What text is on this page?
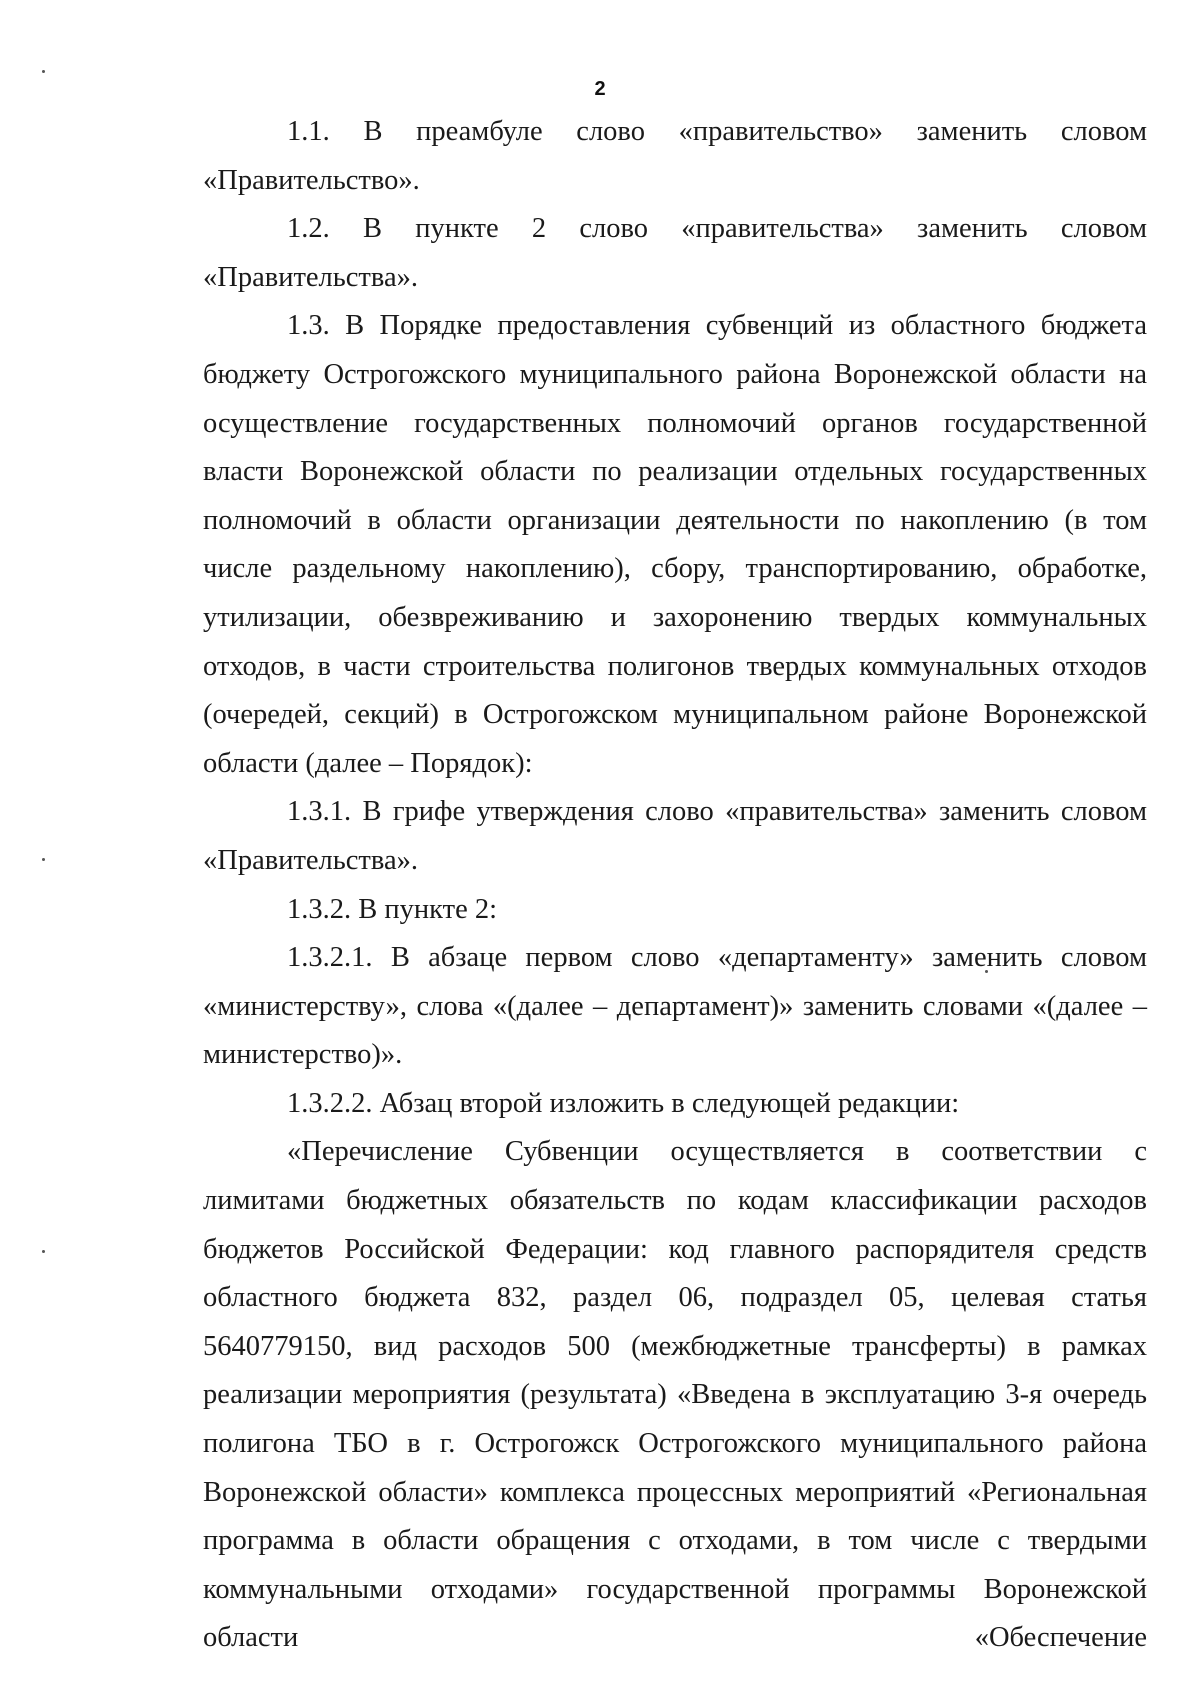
2

1.1. В преамбуле слово «правительство» заменить словом «Правительство».

1.2. В пункте 2 слово «правительства» заменить словом «Правительства».

1.3. В Порядке предоставления субвенций из областного бюджета бюджету Острогожского муниципального района Воронежской области на осуществление государственных полномочий органов государственной власти Воронежской области по реализации отдельных государственных полномочий в области организации деятельности по накоплению (в том числе раздельному накоплению), сбору, транспортированию, обработке, утилизации, обезвреживанию и захоронению твердых коммунальных отходов, в части строительства полигонов твердых коммунальных отходов (очередей, секций) в Острогожском муниципальном районе Воронежской области (далее – Порядок):

1.3.1. В грифе утверждения слово «правительства» заменить словом «Правительства».

1.3.2. В пункте 2:

1.3.2.1. В абзаце первом слово «департаменту» заменить словом «министерству», слова «(далее – департамент)» заменить словами «(далее – министерство)».

1.3.2.2. Абзац второй изложить в следующей редакции:

«Перечисление Субвенции осуществляется в соответствии с лимитами бюджетных обязательств по кодам классификации расходов бюджетов Российской Федерации: код главного распорядителя средств областного бюджета 832, раздел 06, подраздел 05, целевая статья 5640779150, вид расходов 500 (межбюджетные трансферты) в рамках реализации мероприятия (результата) «Введена в эксплуатацию 3-я очередь полигона ТБО в г. Острогожск Острогожского муниципального района Воронежской области» комплекса процессных мероприятий «Региональная программа в области обращения с отходами, в том числе с твердыми коммунальными отходами» государственной программы Воронежской области «Обеспечение
